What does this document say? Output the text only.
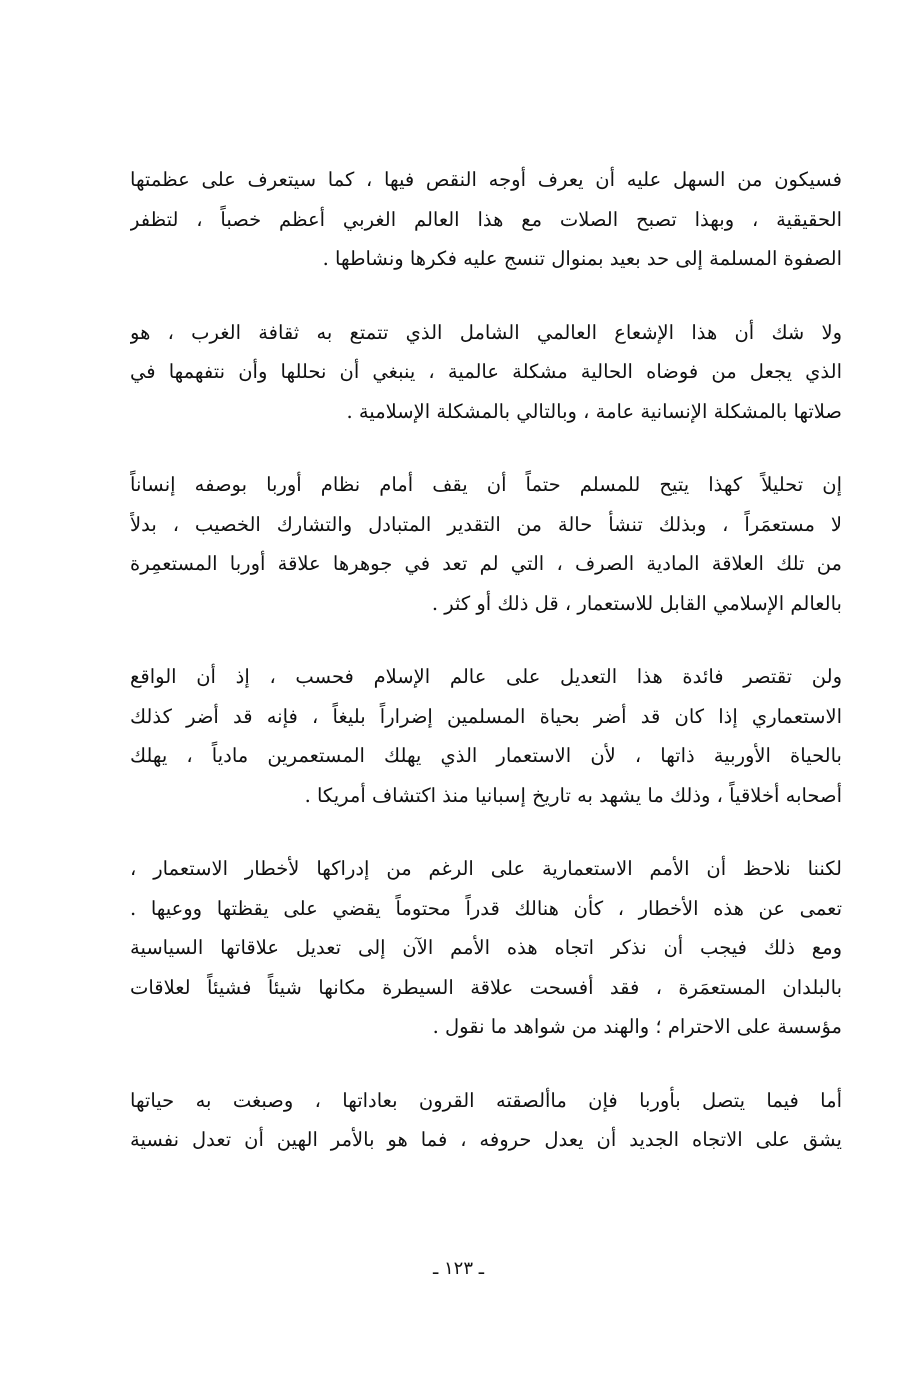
فسيكون من السهل عليه أن يعرف أوجه النقص فيها ، كما سيتعرف على عظمتها
الحقيقية ، وبهذا تصبح الصلات مع هذا العالم الغربي أعظم خصباً ، لتظفر
الصفوة المسلمة إلى حد بعيد بمنوال تنسج عليه فكرها ونشاطها .

ولا شك أن هذا الإشعاع العالمي الشامل الذي تتمتع به ثقافة الغرب ، هو
الذي يجعل من فوضاه الحالية مشكلة عالمية ، ينبغي أن نحللها وأن نتفهمها في
صلاتها بالمشكلة الإنسانية عامة ، وبالتالي بالمشكلة الإسلامية .

إن تحليلاً كهذا يتيح للمسلم حتماً أن يقف أمام نظام أوربا بوصفه إنساناً
لا مستعمَراً ، وبذلك تنشأ حالة من التقدير المتبادل والتشارك الخصيب ، بدلاً
من تلك العلاقة المادية الصرف ، التي لم تعد في جوهرها علاقة أوربا المستعمِرة
بالعالم الإسلامي القابل للاستعمار ، قل ذلك أو كثر .

ولن تقتصر فائدة هذا التعديل على عالم الإسلام فحسب ، إذ أن الواقع
الاستعماري إذا كان قد أضر بحياة المسلمين إضراراً بليغاً ، فإنه قد أضر كذلك
بالحياة الأوربية ذاتها ، لأن الاستعمار الذي يهلك المستعمرين مادياً ، يهلك
أصحابه أخلاقياً ، وذلك ما يشهد به تاريخ إسبانيا منذ اكتشاف أمريكا .

لكننا نلاحظ أن الأمم الاستعمارية على الرغم من إدراكها لأخطار الاستعمار ،
تعمى عن هذه الأخطار ، كأن هنالك قدراً محتوماً يقضي على يقظتها ووعيها .
ومع ذلك فيجب أن نذكر اتجاه هذه الأمم الآن إلى تعديل علاقاتها السياسية
بالبلدان المستعمَرة ، فقد أفسحت علاقة السيطرة مكانها شيئاً فشيئاً لعلاقات
مؤسسة على الاحترام ؛ والهند من شواهد ما نقول .

أما فيما يتصل بأوربا فإن ماألصقته القرون بعاداتها ، وصبغت به حياتها
يشق على الاتجاه الجديد أن يعدل حروفه ، فما هو بالأمر الهين أن تعدل نفسية

ـ ١٢٣ ـ
